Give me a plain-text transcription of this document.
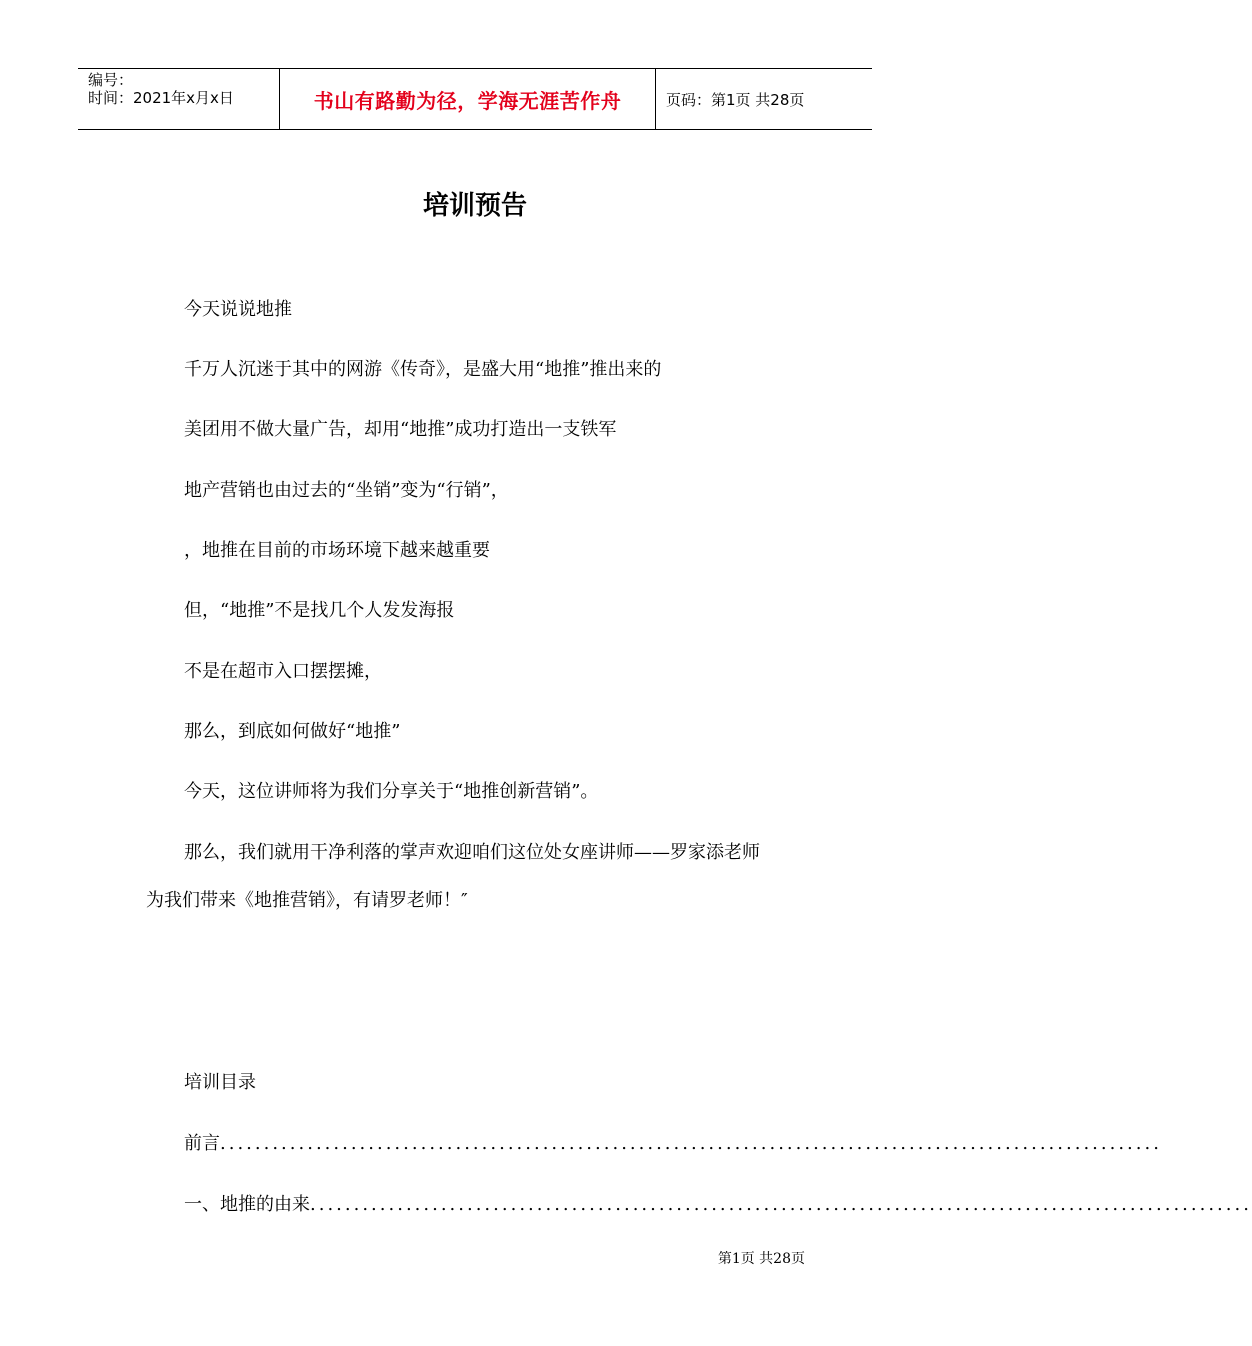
编号：
时间：2021年x月x日	书山有路勤为径，学海无涯苦作舟	页码：第1页 共28页
培训预告
今天说说地推
千万人沉迷于其中的网游《传奇》，是盛大用“地推”推出来的
美团用不做大量广告，却用“地推”成功打造出一支铁军
地产营销也由过去的“坐销”变为“行销”，
，地推在目前的市场环境下越来越重要
但，“地推”不是找几个人发发海报
不是在超市入口摆摆摊，
那么，到底如何做好“地推”
今天，这位讲师将为我们分享关于“地推创新营销”。
那么，我们就用干净利落的掌声欢迎咱们这位处女座讲师——罗家添老师
为我们带来《地推营销》，有请罗老师！″
培训目录
前言 ............................................................................................................
一、地推的由来 ............................................................................................................
第1页 共28页
